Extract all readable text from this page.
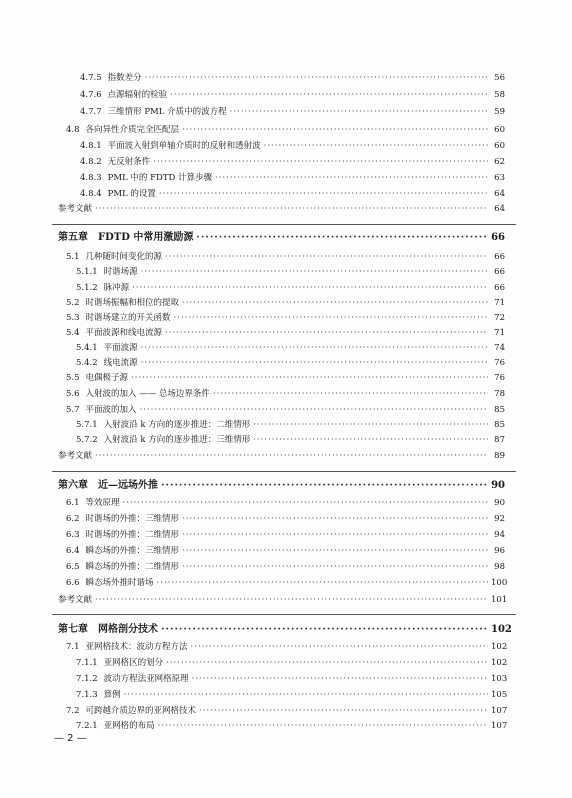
4.7.5 指数差分 ·····	56
4.7.6 点源辐射的检验 ·····	58
4.7.7 三维情形 PML 介质中的波方程 ·····	59
4.8 各向异性介质完全匹配层 ·····	60
4.8.1 平面波入射到单轴介质时的反射和透射波 ·····	60
4.8.2 无反射条件 ·····	62
4.8.3 PML 中的 FDTD 计算步骤 ·····	63
4.8.4 PML 的设置 ·····	64
参考文献 ·····	64
第五章 FDTD 中常用激励源 ·····	66
5.1 几种随时间变化的源 ·····	66
5.1.1 时谐场源 ·····	66
5.1.2 脉冲源 ·····	66
5.2 时谐场振幅和相位的提取 ·····	71
5.3 时谐场建立的开关函数 ·····	72
5.4 平面波源和线电流源 ·····	71
5.4.1 平面波源 ·····	74
5.4.2 线电流源 ·····	76
5.5 电偶极子源 ·····	76
5.6 入射波的加入 —— 总场边界条件 ·····	78
5.7 平面波的加入 ·····	85
5.7.1 入射波沿 k 方向的逐步推进：二维情形 ·····	85
5.7.2 入射波沿 k 方向的逐步推进：三维情形 ·····	87
参考文献 ·····	89
第六章 近—远场外推 ·····	90
6.1 等效原理 ·····	90
6.2 时谐场的外推：三维情形 ·····	92
6.3 时谐场的外推：二维情形 ·····	94
6.4 瞬态场的外推：三维情形 ·····	96
6.5 瞬态场的外推：二维情形 ·····	98
6.6 瞬态场外推时谐场 ·····	100
参考文献 ·····	101
第七章 网格剖分技术 ·····	102
7.1 亚网格技术：波动方程方法 ·····	102
7.1.1 亚网格区的划分 ·····	102
7.1.2 波动方程法亚网格原理 ·····	103
7.1.3 算例 ·····	105
7.2 可跨越介质边界的亚网格技术 ·····	107
7.2.1 亚网格的布局 ·····	107
— 2 —
